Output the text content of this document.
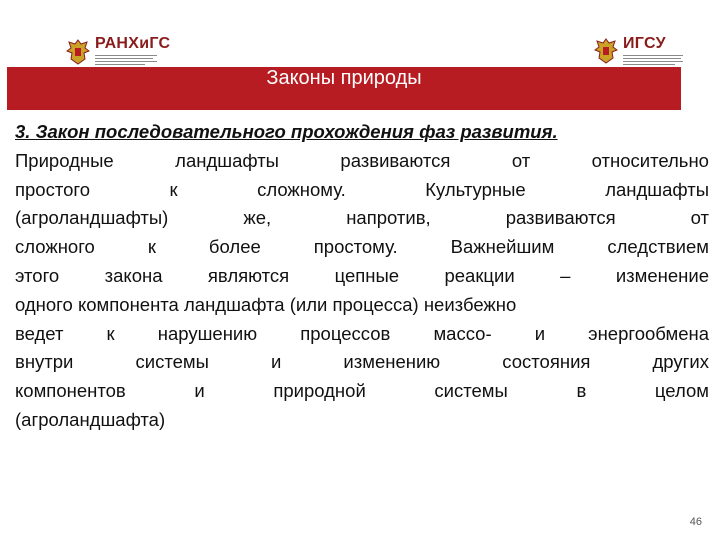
РАНХиГС	ИГСУ
Законы природы
3. Закон последовательного прохождения фаз развития.
Природные	ландшафты	развиваются	от	относительно
простого	к	сложному.	Культурные	ландшафты
(агроландшафты)	же,	напротив,	развиваются	от
сложного	к	более	простому.	Важнейшим	следствием
этого закона являются цепные реакции – изменение
одного компонента ландшафта (или процесса) неизбежно
ведет к нарушению процессов массо- и энергообмена
внутри	системы	и	изменению	состояния	других
компонентов	и	природной	системы	в	целом
(агроландшафта)
46
